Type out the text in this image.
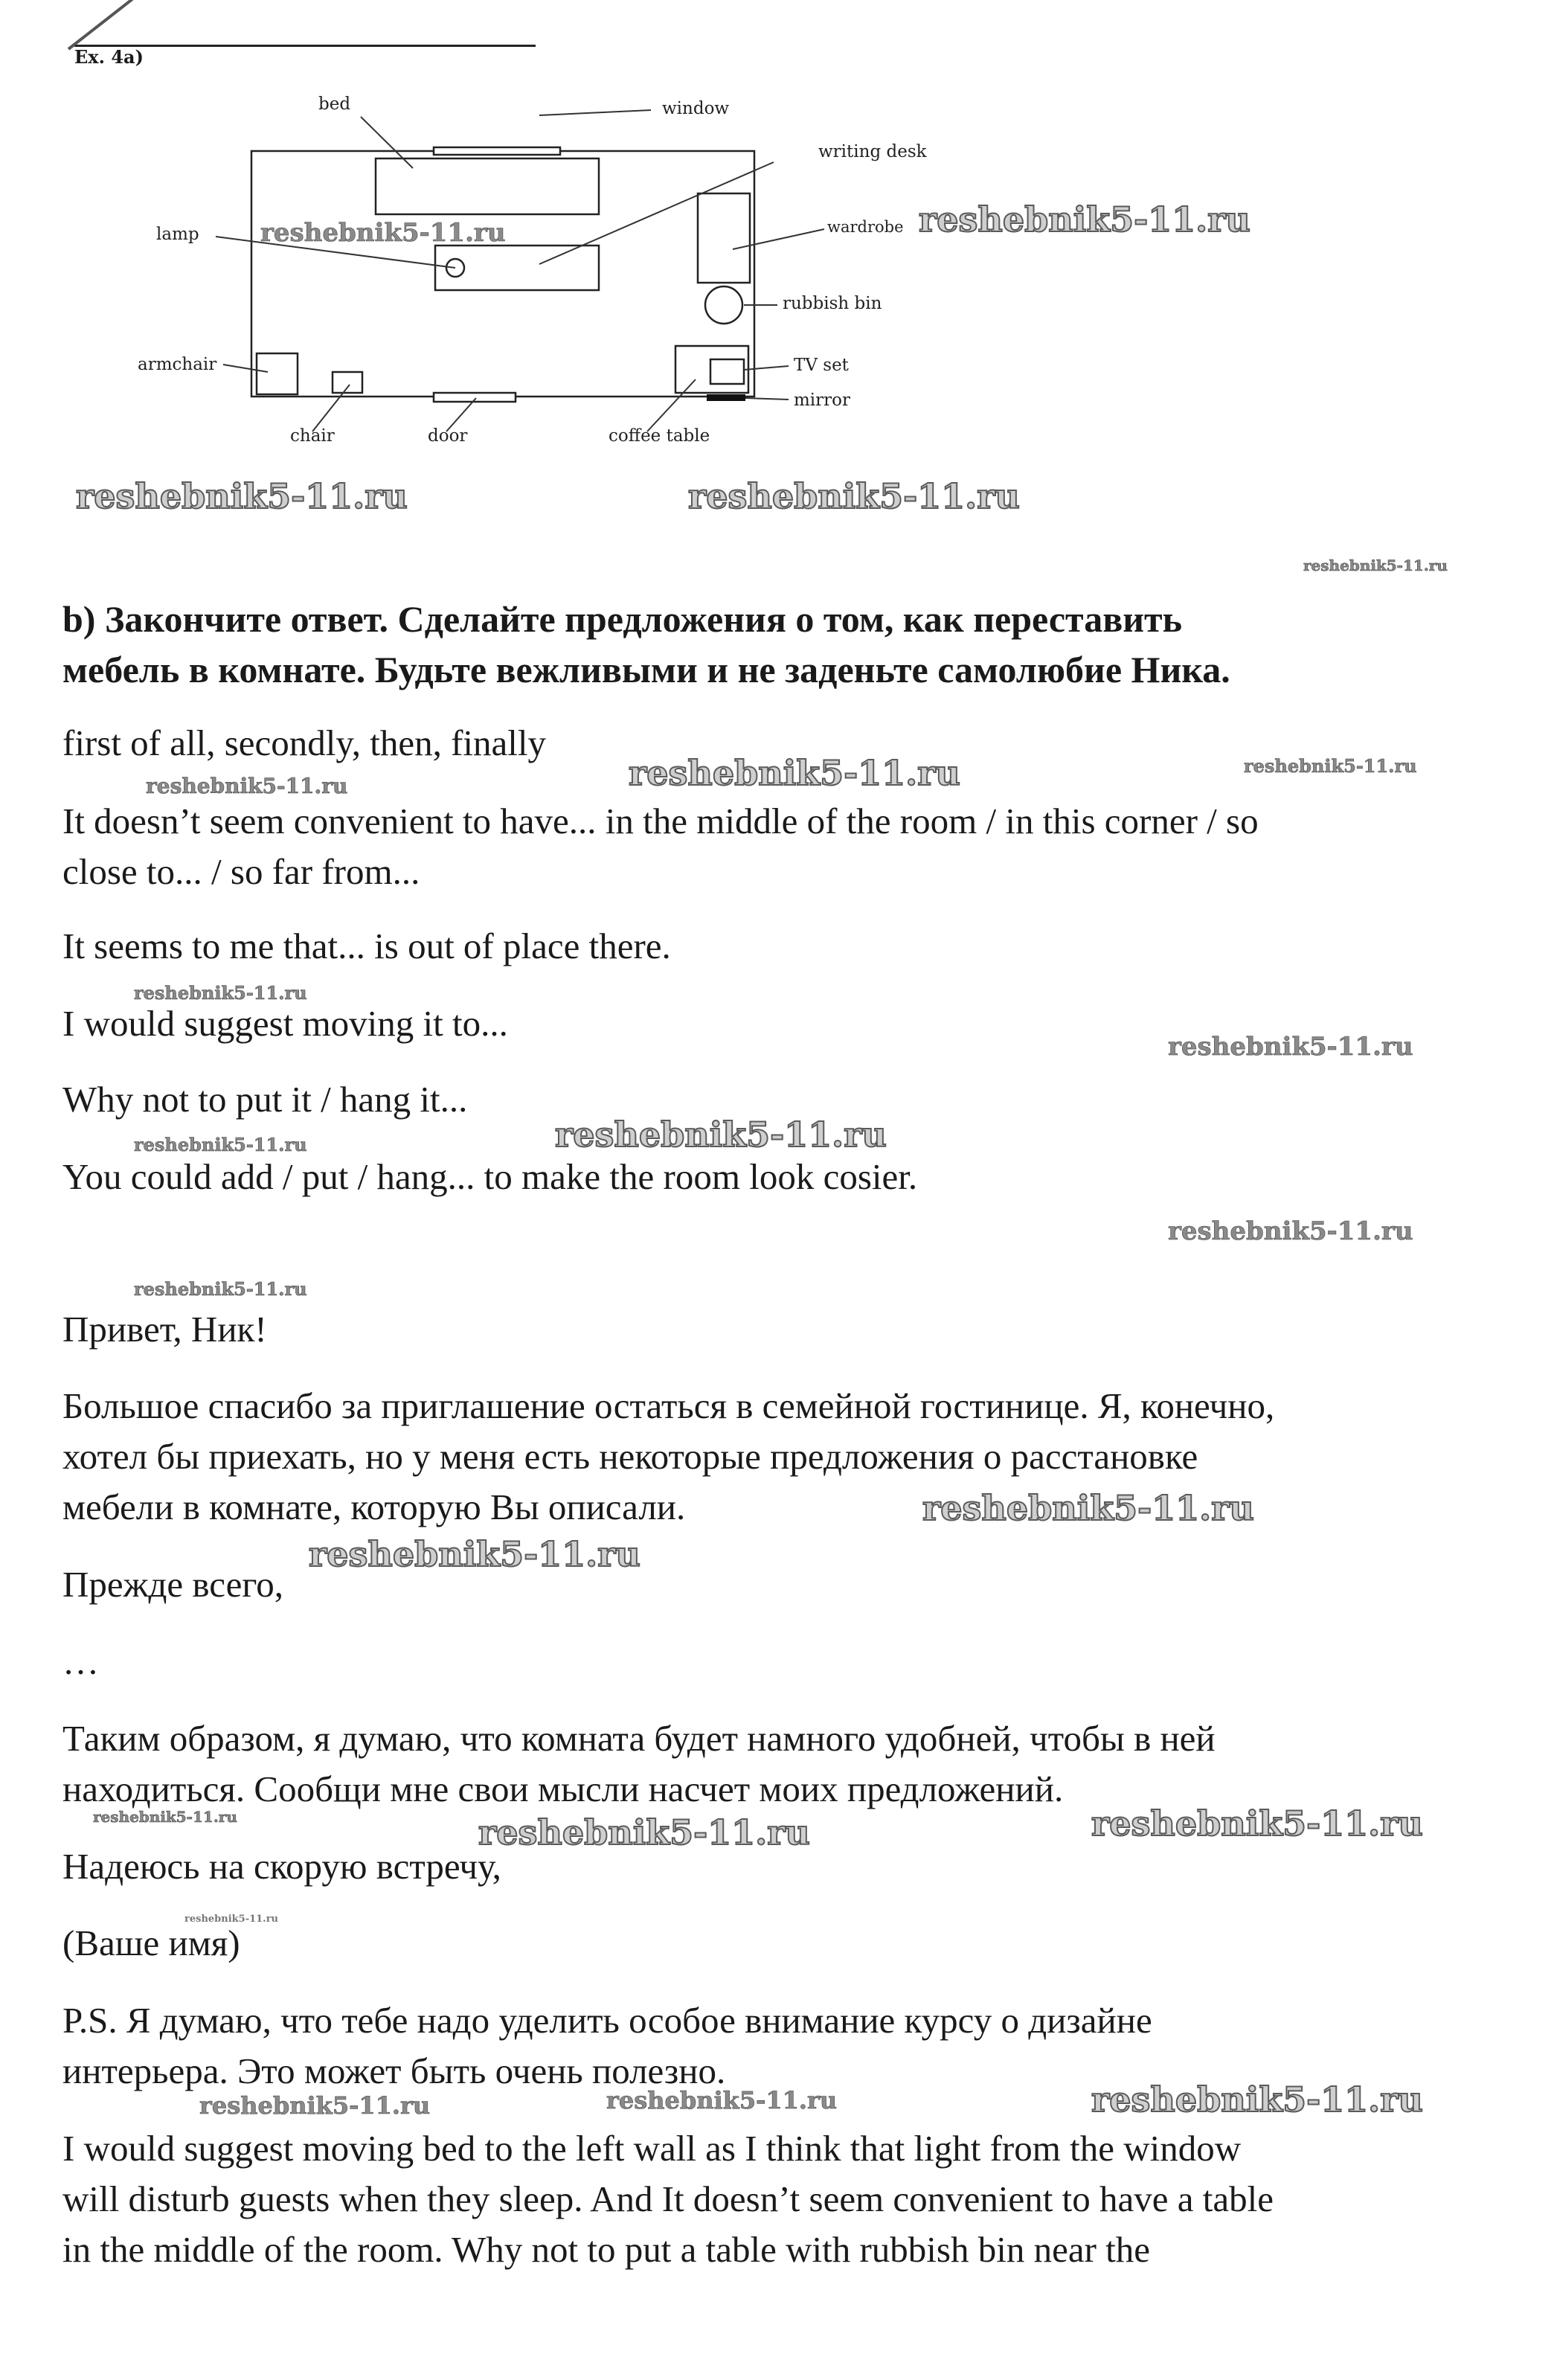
Ex. 4a)
bed	window
writing desk
lamp	wardrobe
rubbish bin
armchair	TV set
mirror
chair	door	coffee table
b) Закончите ответ. Сделайте предложения о том, как переставить
мебель в комнате. Будьте вежливыми и не заденьте самолюбие Ника.
first of all, secondly, then, finally
It doesn’t seem convenient to have... in the middle of the room / in this corner / so
close to... / so far from...
It seems to me that... is out of place there.
I would suggest moving it to...
Why not to put it / hang it...
You could add / put / hang... to make the room look cosier.
Привет, Ник!
Большое спасибо за приглашение остаться в семейной гостинице. Я, конечно,
хотел бы приехать, но у меня есть некоторые предложения о расстановке
мебели в комнате, которую Вы описали.
Прежде всего,
…
Таким образом, я думаю, что комната будет намного удобней, чтобы в ней
находиться. Сообщи мне свои мысли насчет моих предложений.
Надеюсь на скорую встречу,
(Ваше имя)
P.S. Я думаю, что тебе надо уделить особое внимание курсу о дизайне
интерьера. Это может быть очень полезно.
I would suggest moving bed to the left wall as I think that light from the window
will disturb guests when they sleep. And It doesn’t seem convenient to have a table
in the middle of the room. Why not to put a table with rubbish bin near the
reshebnik5-11.ru
reshebnik5-11.ru
reshebnik5-11.ru	reshebnik5-11.ru
reshebnik5-11.ru
reshebnik5-11.ru	reshebnik5-11.ru	reshebnik5-11.ru
reshebnik5-11.ru
reshebnik5-11.ru
reshebnik5-11.ru	reshebnik5-11.ru
reshebnik5-11.ru
reshebnik5-11.ru
reshebnik5-11.ru
reshebnik5-11.ru
reshebnik5-11.ru	reshebnik5-11.ru	reshebnik5-11.ru
reshebnik5-11.ru
reshebnik5-11.ru	reshebnik5-11.ru	reshebnik5-11.ru
